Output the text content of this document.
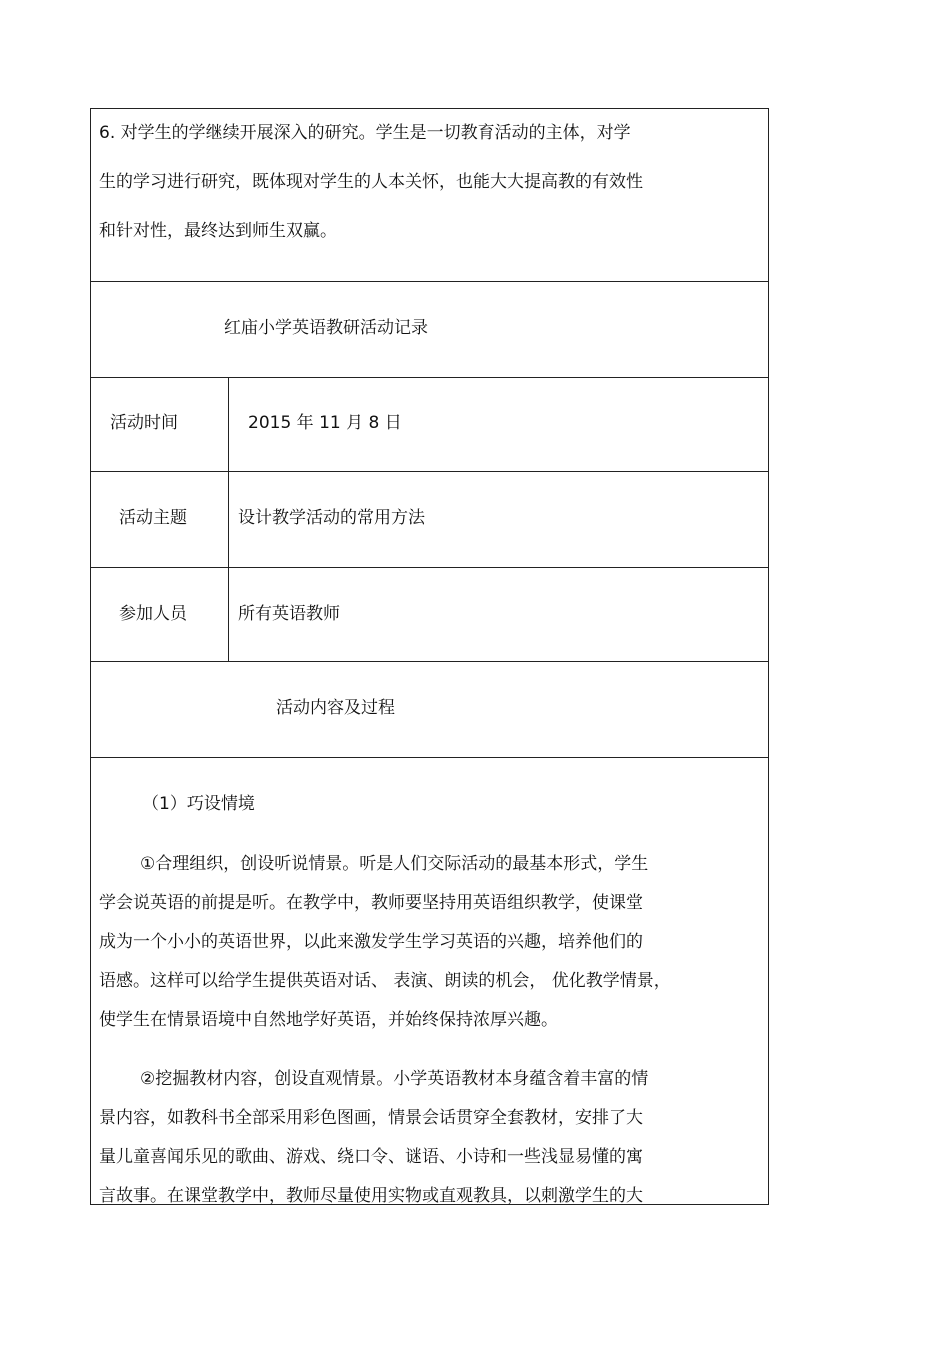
6. 对学生的学继续开展深入的研究。学生是一切教育活动的主体，对学
生的学习进行研究，既体现对学生的人本关怀，也能大大提高教的有效性
和针对性，最终达到师生双赢。
红庙小学英语教研活动记录
活动时间	2015 年 11 月 8 日
活动主题	设计教学活动的常用方法
参加人员	所有英语教师
活动内容及过程
（1）巧设情境
①合理组织，创设听说情景。听是人们交际活动的最基本形式，学生
学会说英语的前提是听。在教学中，教师要坚持用英语组织教学，使课堂
成为一个小小的英语世界，以此来激发学生学习英语的兴趣，培养他们的
语感。这样可以给学生提供英语对话、 表演、朗读的机会， 优化教学情景，
使学生在情景语境中自然地学好英语，并始终保持浓厚兴趣。
②挖掘教材内容，创设直观情景。小学英语教材本身蕴含着丰富的情
景内容，如教科书全部采用彩色图画，情景会话贯穿全套教材，安排了大
量儿童喜闻乐见的歌曲、游戏、绕口令、谜语、小诗和一些浅显易懂的寓
言故事。在课堂教学中，教师尽量使用实物或直观教具，以刺激学生的大
